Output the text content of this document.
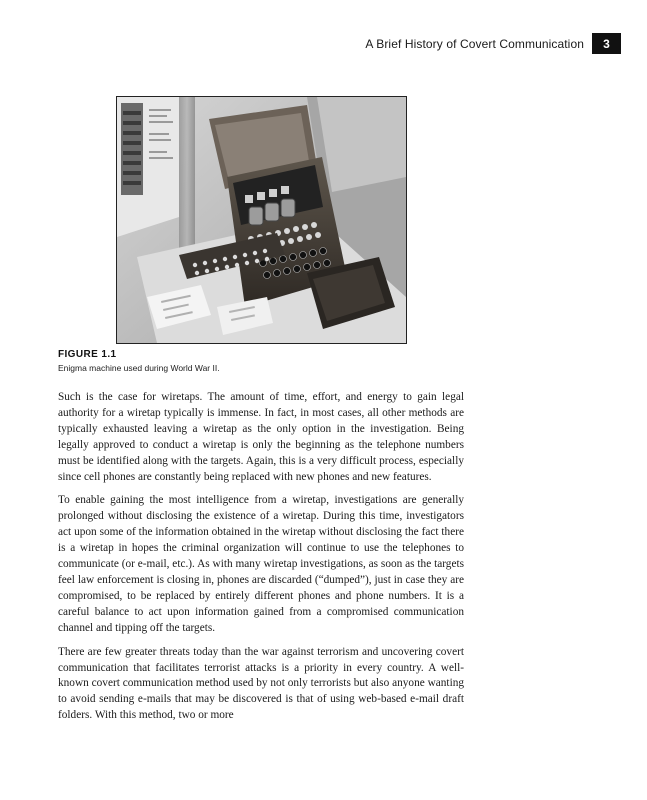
A Brief History of Covert Communication	3
FIGURE 1.1
Enigma machine used during World War II.

Such is the case for wiretaps. The amount of time, effort, and energy to gain legal authority for a wiretap typically is immense. In fact, in most cases, all other methods are typically exhausted leaving a wiretap as the only option in the investigation. Being legally approved to conduct a wiretap is only the beginning as the telephone numbers must be identified along with the targets. Again, this is a very difficult process, especially since cell phones are constantly being replaced with new phones and new features.

To enable gaining the most intelligence from a wiretap, investigations are generally prolonged without disclosing the existence of a wiretap. During this time, investigators act upon some of the information obtained in the wiretap without disclosing the fact there is a wiretap in hopes the criminal organization will continue to use the telephones to communicate (or e-mail, etc.). As with many wiretap investigations, as soon as the targets feel law enforcement is closing in, phones are discarded (“dumped”), just in case they are compromised, to be replaced by entirely different phones and phone numbers. It is a careful balance to act upon information gained from a compromised communication channel and tipping off the targets.

There are few greater threats today than the war against terrorism and uncovering covert communication that facilitates terrorist attacks is a priority in every country. A well-known covert communication method used by not only terrorists but also anyone wanting to avoid sending e-mails that may be discovered is that of using web-based e-mail draft folders. With this method, two or more
